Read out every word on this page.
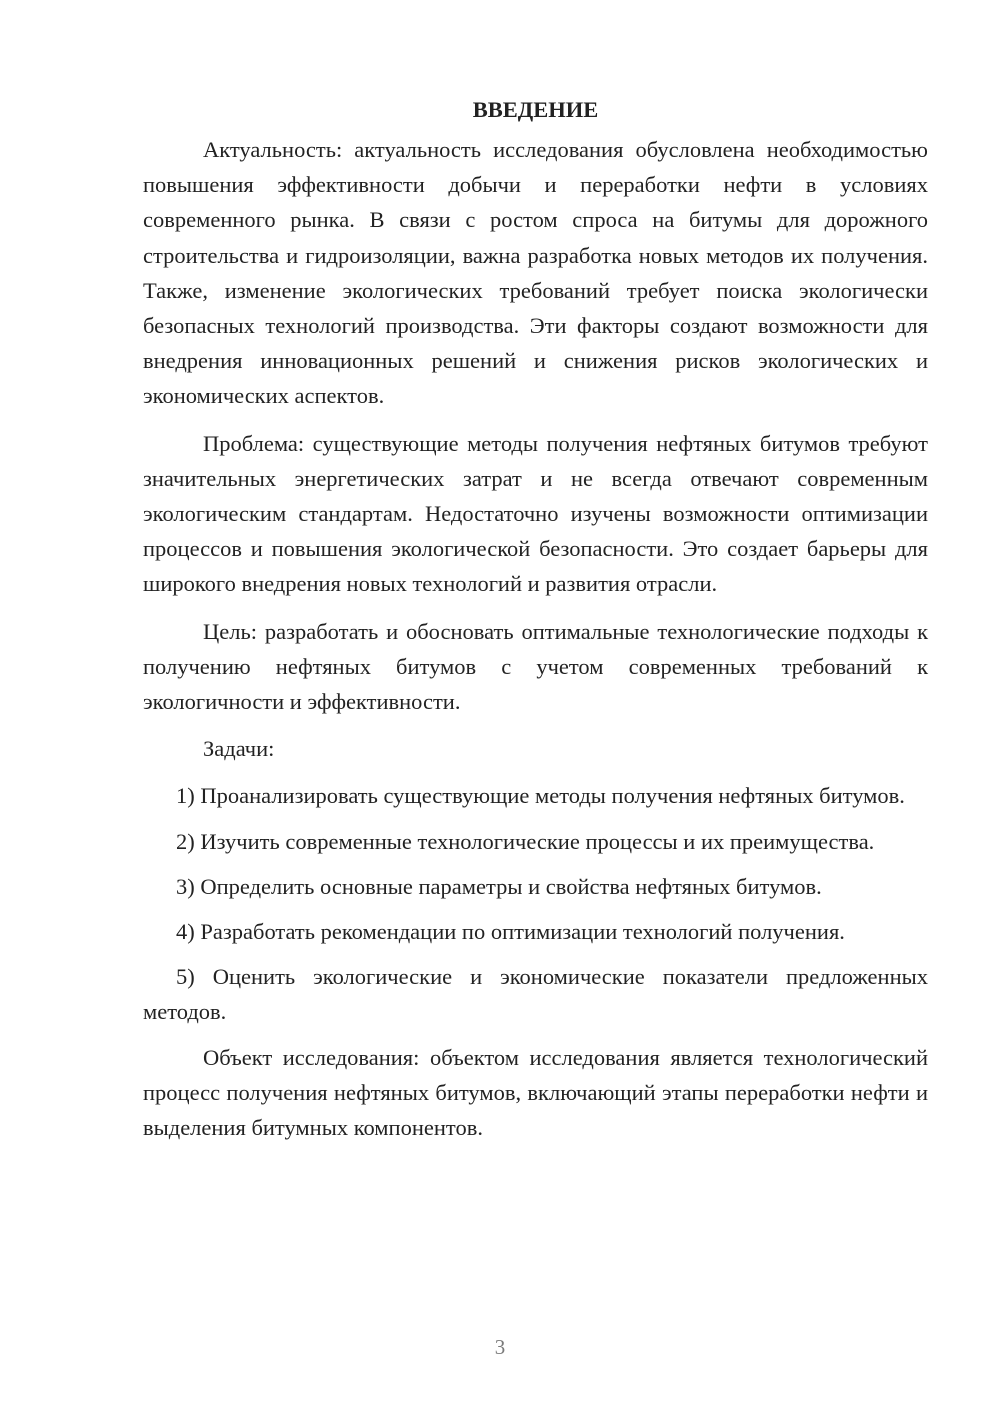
ВВЕДЕНИЕ

Актуальность: актуальность исследования обусловлена необходимостью повышения эффективности добычи и переработки нефти в условиях современного рынка. В связи с ростом спроса на битумы для дорожного строительства и гидроизоляции, важна разработка новых методов их получения. Также, изменение экологических требований требует поиска экологически безопасных технологий производства. Эти факторы создают возможности для внедрения инновационных решений и снижения рисков экологических и экономических аспектов.

Проблема: существующие методы получения нефтяных битумов требуют значительных энергетических затрат и не всегда отвечают современным экологическим стандартам. Недостаточно изучены возможности оптимизации процессов и повышения экологической безопасности. Это создает барьеры для широкого внедрения новых технологий и развития отрасли.

Цель: разработать и обосновать оптимальные технологические подходы к получению нефтяных битумов с учетом современных требований к экологичности и эффективности.

Задачи:

1) Проанализировать существующие методы получения нефтяных битумов.

2) Изучить современные технологические процессы и их преимущества.

3) Определить основные параметры и свойства нефтяных битумов.

4) Разработать рекомендации по оптимизации технологий получения.

5) Оценить экологические и экономические показатели предложенных методов.

Объект исследования: объектом исследования является технологический процесс получения нефтяных битумов, включающий этапы переработки нефти и выделения битумных компонентов.

3
